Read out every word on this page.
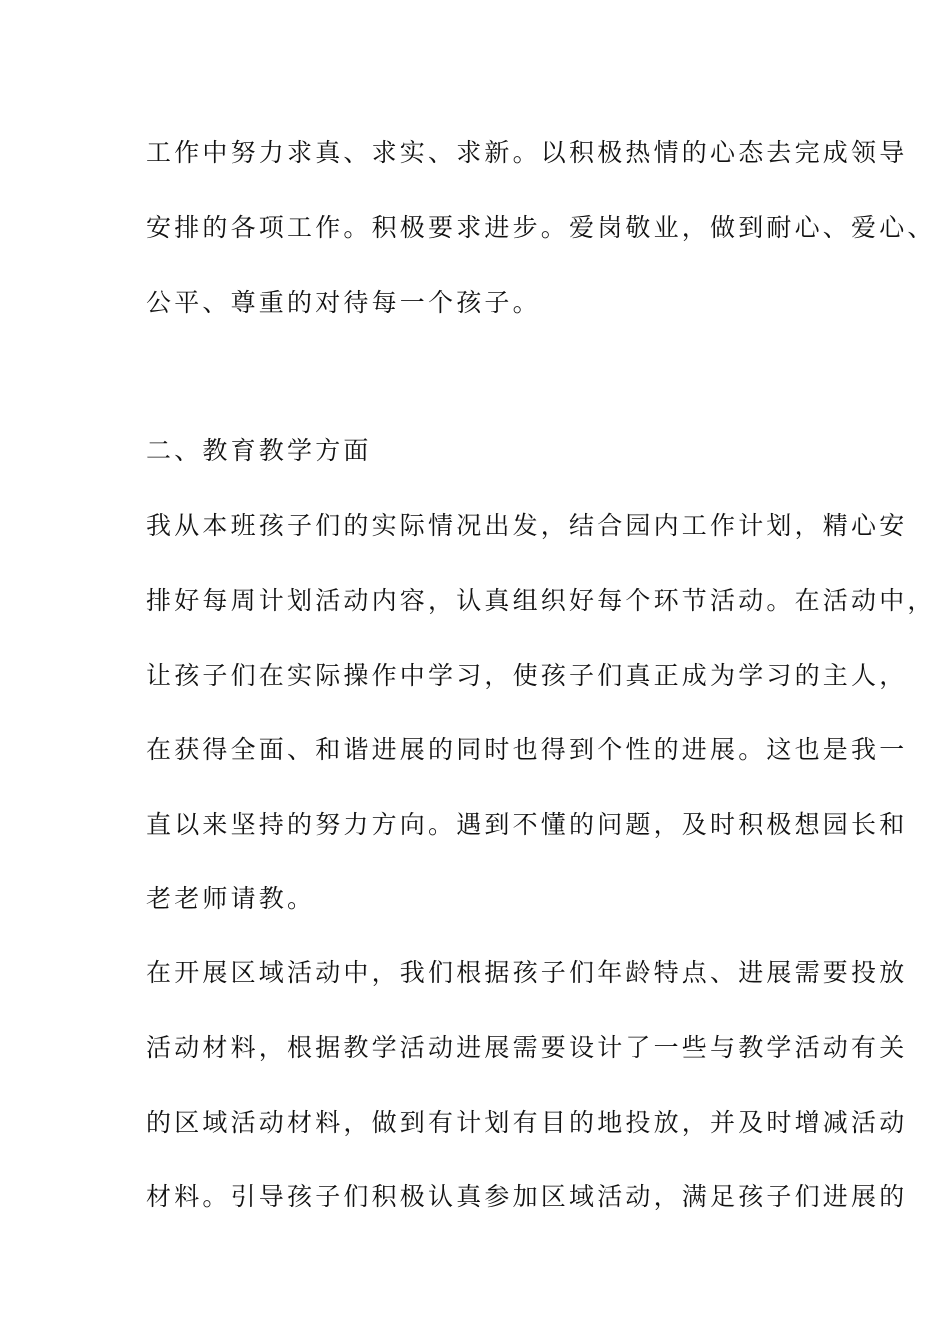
工作中努力求真、求实、求新。以积极热情的心态去完成领导
安排的各项工作。积极要求进步。爱岗敬业，做到耐心、爱心、
公平、尊重的对待每一个孩子。
二、教育教学方面
我从本班孩子们的实际情况出发，结合园内工作计划，精心安
排好每周计划活动内容，认真组织好每个环节活动。在活动中，
让孩子们在实际操作中学习，使孩子们真正成为学习的主人，
在获得全面、和谐进展的同时也得到个性的进展。这也是我一
直以来坚持的努力方向。遇到不懂的问题，及时积极想园长和
老老师请教。
在开展区域活动中，我们根据孩子们年龄特点、进展需要投放
活动材料，根据教学活动进展需要设计了一些与教学活动有关
的区域活动材料，做到有计划有目的地投放，并及时增减活动
材料。引导孩子们积极认真参加区域活动，满足孩子们进展的
